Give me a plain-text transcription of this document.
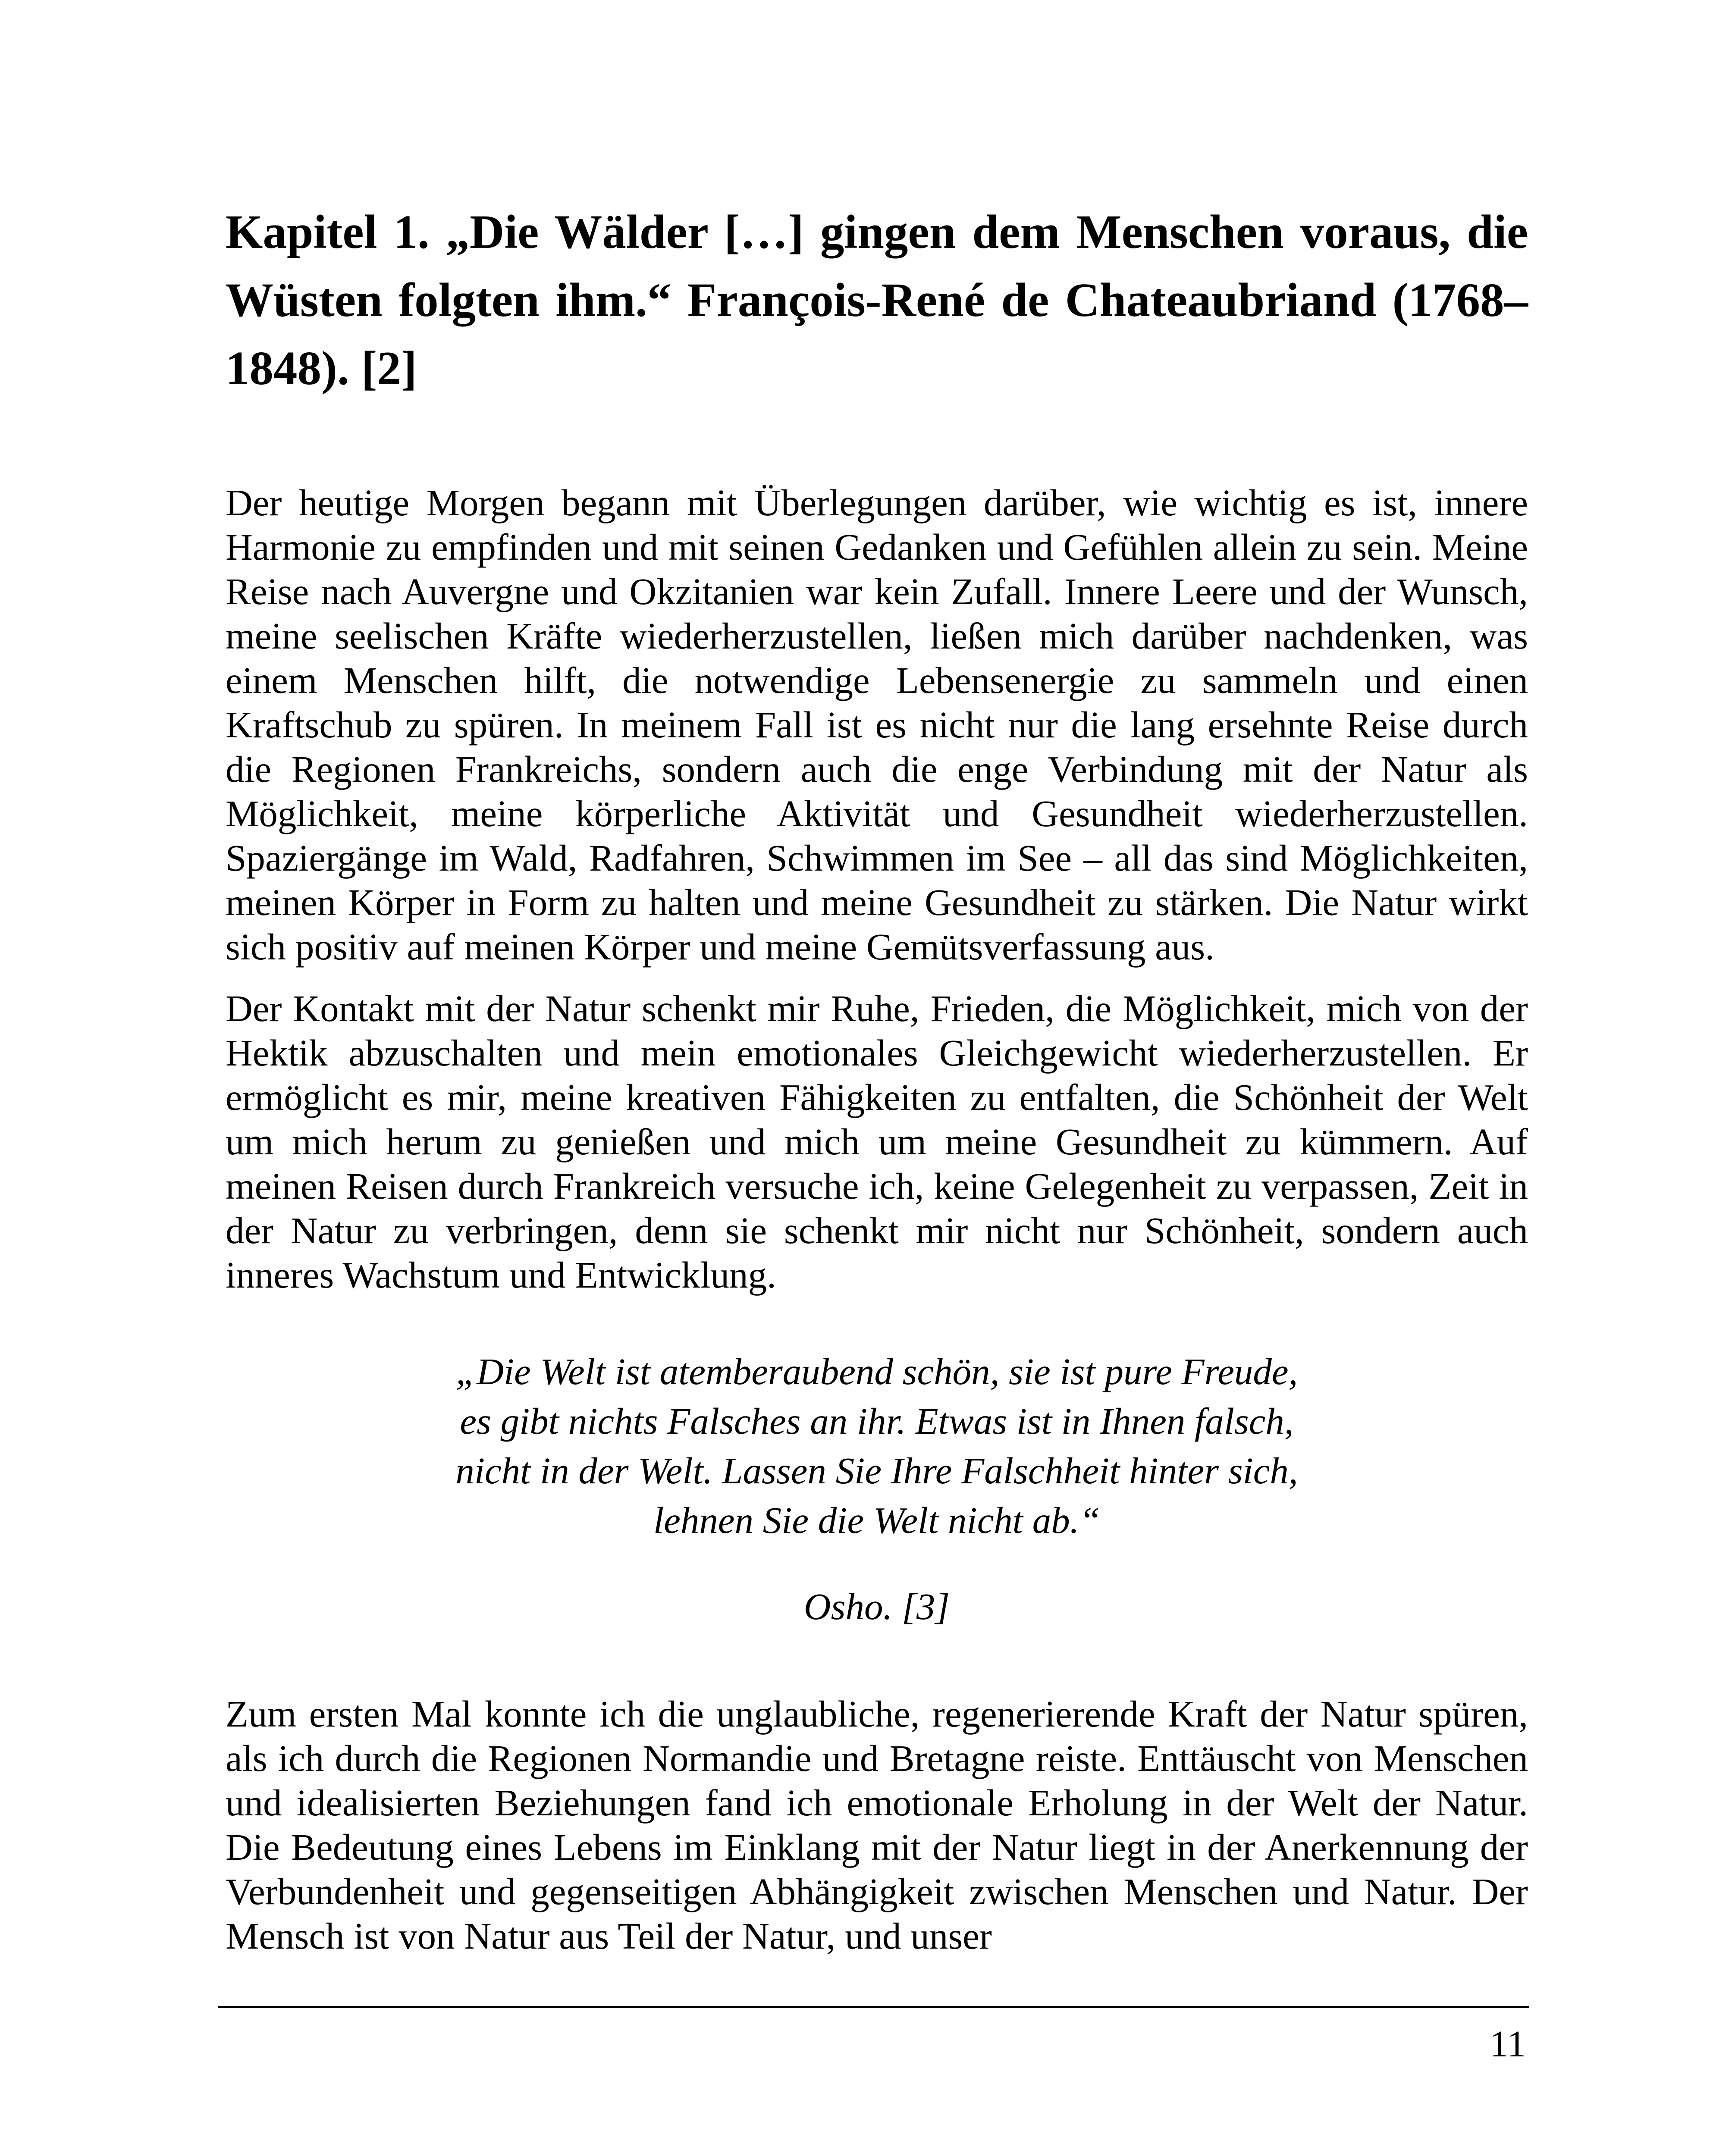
Kapitel 1. „Die Wälder […] gingen dem Menschen voraus, die Wüsten folgten ihm.“ François-René de Chateaubriand (1768–1848). [2]

Der heutige Morgen begann mit Überlegungen darüber, wie wichtig es ist, innere Harmonie zu empfinden und mit seinen Gedanken und Gefühlen allein zu sein. Meine Reise nach Auvergne und Okzitanien war kein Zufall. Innere Leere und der Wunsch, meine seelischen Kräfte wiederherzustellen, ließen mich darüber nachdenken, was einem Menschen hilft, die notwendige Lebensenergie zu sammeln und einen Kraftschub zu spüren. In meinem Fall ist es nicht nur die lang ersehnte Reise durch die Regionen Frankreichs, sondern auch die enge Verbindung mit der Natur als Möglichkeit, meine körperliche Aktivität und Gesundheit wiederherzustellen. Spaziergänge im Wald, Radfahren, Schwimmen im See – all das sind Möglichkeiten, meinen Körper in Form zu halten und meine Gesundheit zu stärken. Die Natur wirkt sich positiv auf meinen Körper und meine Gemütsverfassung aus.

Der Kontakt mit der Natur schenkt mir Ruhe, Frieden, die Möglichkeit, mich von der Hektik abzuschalten und mein emotionales Gleichgewicht wiederherzustellen. Er ermöglicht es mir, meine kreativen Fähigkeiten zu entfalten, die Schönheit der Welt um mich herum zu genießen und mich um meine Gesundheit zu kümmern. Auf meinen Reisen durch Frankreich versuche ich, keine Gelegenheit zu verpassen, Zeit in der Natur zu verbringen, denn sie schenkt mir nicht nur Schönheit, sondern auch inneres Wachstum und Entwicklung.

„Die Welt ist atemberaubend schön, sie ist pure Freude,
es gibt nichts Falsches an ihr. Etwas ist in Ihnen falsch,
nicht in der Welt. Lassen Sie Ihre Falschheit hinter sich,
lehnen Sie die Welt nicht ab.“
Osho. [3]

Zum ersten Mal konnte ich die unglaubliche, regenerierende Kraft der Natur spüren, als ich durch die Regionen Normandie und Bretagne reiste. Enttäuscht von Menschen und idealisierten Beziehungen fand ich emotionale Erholung in der Welt der Natur. Die Bedeutung eines Lebens im Einklang mit der Natur liegt in der Anerkennung der Verbundenheit und gegenseitigen Abhängigkeit zwischen Menschen und Natur. Der Mensch ist von Natur aus Teil der Natur, und unser

11
